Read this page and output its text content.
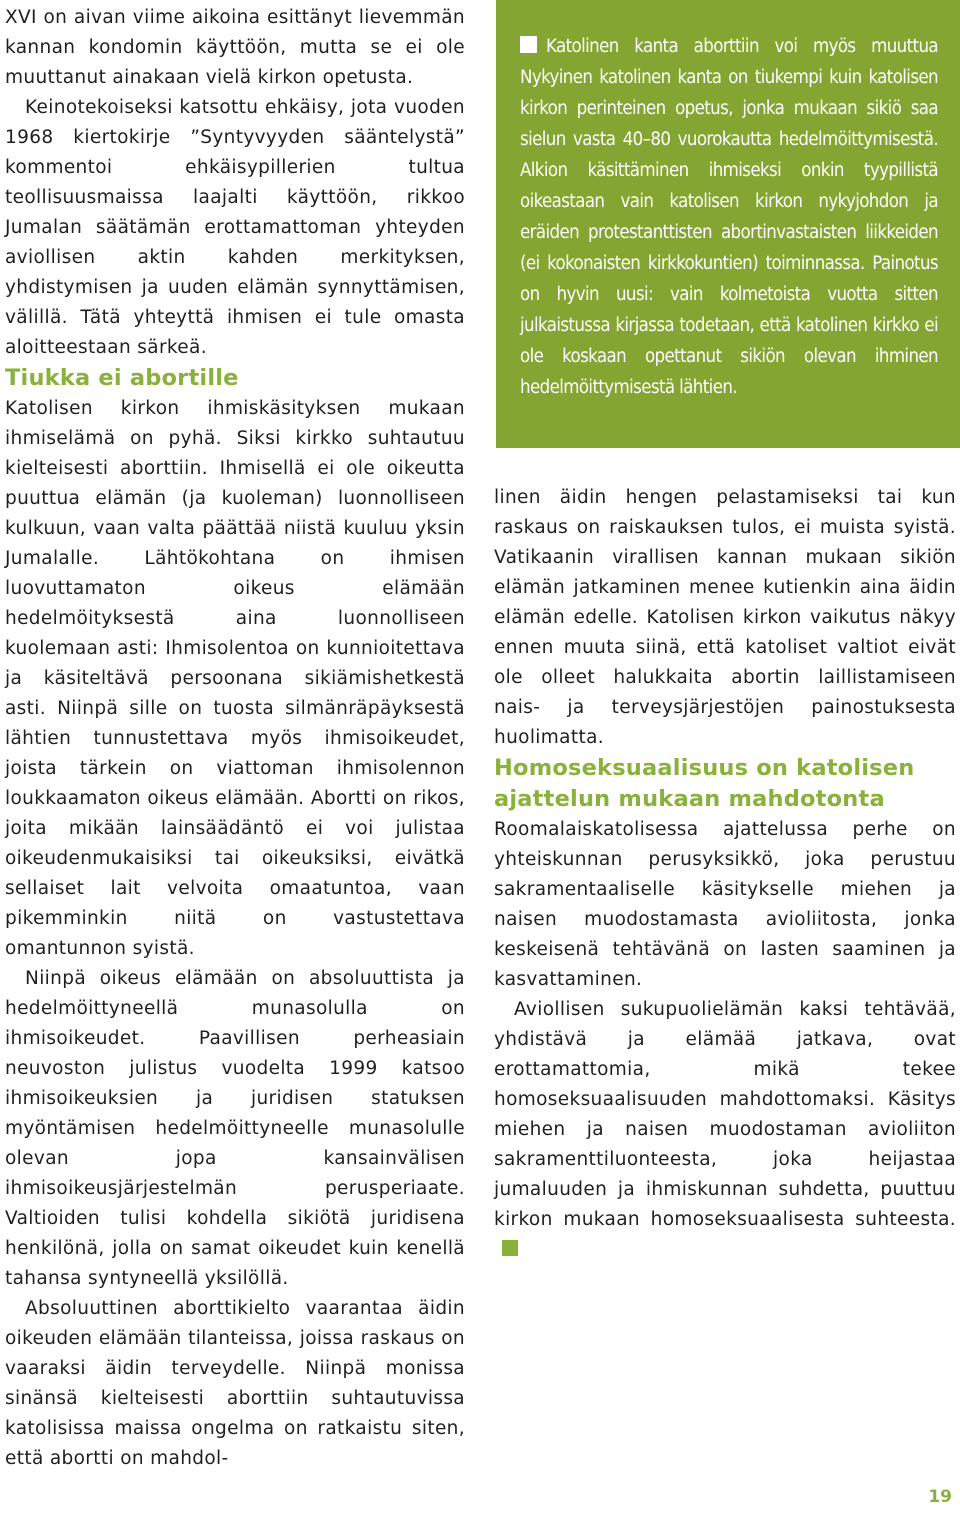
XVI on aivan viime aikoina esittänyt lievemmän kannan kondomin käyttöön, mutta se ei ole muuttanut ainakaan vielä kirkon opetusta.

Keinotekoiseksi katsottu ehkäisy, jota vuoden 1968 kiertokirje ”Syntyvyyden sääntelystä” kommentoi ehkäisypillerien tultua teollisuusmaissa laajalti käyttöön, rikkoo Jumalan säätämän erottamattoman yhteyden aviollisen aktin kahden merkityksen, yhdistymisen ja uuden elämän synnyttämisen, välillä. Tätä yhteyttä ihmisen ei tule omasta aloitteestaan särkeä.

Tiukka ei abortille

Katolisen kirkon ihmiskäsityksen mukaan ihmiselämä on pyhä. Siksi kirkko suhtautuu kielteisesti aborttiin. Ihmisellä ei ole oikeutta puuttua elämän (ja kuoleman) luonnolliseen kulkuun, vaan valta päättää niistä kuuluu yksin Jumalalle. Lähtökohtana on ihmisen luovuttamaton oikeus elämään hedelmöityksestä aina luonnolliseen kuolemaan asti: Ihmisolentoa on kunnioitettava ja käsiteltävä persoonana sikiämishetkestä asti. Niinpä sille on tuosta silmänräpäyksestä lähtien tunnustettava myös ihmisoikeudet, joista tärkein on viattoman ihmisolennon loukkaamaton oikeus elämään. Abortti on rikos, joita mikään lainsäädäntö ei voi julistaa oikeudenmukaisiksi tai oikeuksiksi, eivätkä sellaiset lait velvoita omaatuntoa, vaan pikemminkin niitä on vastustettava omantunnon syistä.

Niinpä oikeus elämään on absoluuttista ja hedelmöittyneellä munasolulla on ihmisoikeudet. Paavillisen perheasiain neuvoston julistus vuodelta 1999 katsoo ihmisoikeuksien ja juridisen statuksen myöntämisen hedelmöittyneelle munasolulle olevan jopa kansainvälisen ihmisoikeusjärjestelmän perusperiaate. Valtioiden tulisi kohdella sikiötä juridisena henkilönä, jolla on samat oikeudet kuin kenellä tahansa syntyneellä yksilöllä.

Absoluuttinen aborttikielto vaarantaa äidin oikeuden elämään tilanteissa, joissa raskaus on vaaraksi äidin terveydelle. Niinpä monissa sinänsä kielteisesti aborttiin suhtautuvissa katolisissa maissa ongelma on ratkaistu siten, että abortti on mahdol-

Katolinen kanta aborttiin voi myös muuttua Nykyinen katolinen kanta on tiukempi kuin katolisen kirkon perinteinen opetus, jonka mukaan sikiö saa sielun vasta 40–80 vuorokautta hedelmöittymisestä. Alkion käsittäminen ihmiseksi onkin tyypillistä oikeastaan vain katolisen kirkon nykyjohdon ja eräiden protestanttisten abortinvastaisten liikkeiden (ei kokonaisten kirkkokuntien) toiminnassa. Painotus on hyvin uusi: vain kolmetoista vuotta sitten julkaistussa kirjassa todetaan, että katolinen kirkko ei ole koskaan opettanut sikiön olevan ihminen hedelmöittymisestä lähtien.

linen äidin hengen pelastamiseksi tai kun raskaus on raiskauksen tulos, ei muista syistä. Vatikaanin virallisen kannan mukaan sikiön elämän jatkaminen menee kutienkin aina äidin elämän edelle. Katolisen kirkon vaikutus näkyy ennen muuta siinä, että katoliset valtiot eivät ole olleet halukkaita abortin laillistamiseen nais- ja terveysjärjestöjen painostuksesta huolimatta.

Homoseksuaalisuus on katolisen ajattelun mukaan mahdotonta

Roomalaiskatolisessa ajattelussa perhe on yhteiskunnan perusyksikkö, joka perustuu sakramentaaliselle käsitykselle miehen ja naisen muodostamasta avioliitosta, jonka keskeisenä tehtävänä on lasten saaminen ja kasvattaminen.

Aviollisen sukupuolielämän kaksi tehtävää, yhdistävä ja elämää jatkava, ovat erottamattomia, mikä tekee homoseksuaalisuuden mahdottomaksi. Käsitys miehen ja naisen muodostaman avioliiton sakramenttiluonteesta, joka heijastaa jumaluuden ja ihmiskunnan suhdetta, puuttuu kirkon mukaan homoseksuaalisesta suhteesta.

19
